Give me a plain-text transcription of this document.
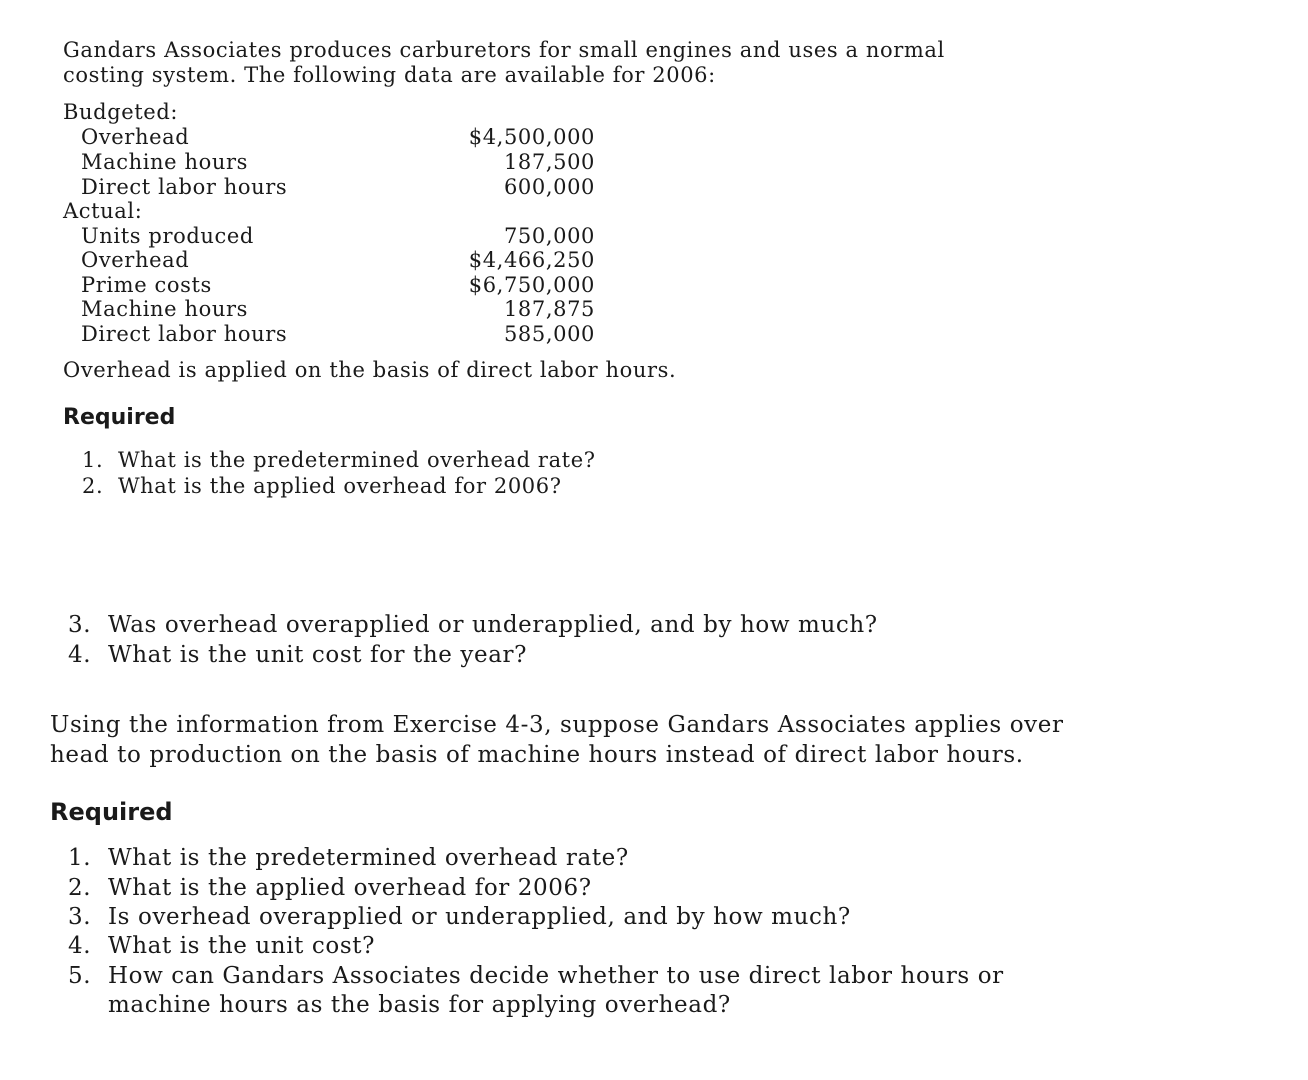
Gandars Associates produces carburetors for small engines and uses a normal
costing system. The following data are available for 2006:
Budgeted:
Overhead	$4,500,000
Machine hours	187,500
Direct labor hours	600,000
Actual:
Units produced	750,000
Overhead	$4,466,250
Prime costs	$6,750,000
Machine hours	187,875
Direct labor hours	585,000
Overhead is applied on the basis of direct labor hours.
Required
1. What is the predetermined overhead rate?
2. What is the applied overhead for 2006?
3. Was overhead overapplied or underapplied, and by how much?
4. What is the unit cost for the year?
Using the information from Exercise 4-3, suppose Gandars Associates applies over
head to production on the basis of machine hours instead of direct labor hours.
Required
1. What is the predetermined overhead rate?
2. What is the applied overhead for 2006?
3. Is overhead overapplied or underapplied, and by how much?
4. What is the unit cost?
5. How can Gandars Associates decide whether to use direct labor hours or
machine hours as the basis for applying overhead?
